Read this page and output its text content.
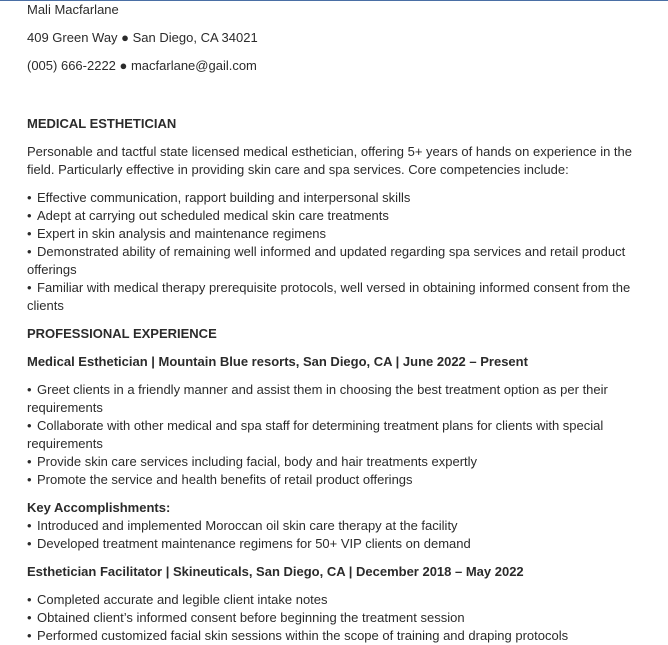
Mali Macfarlane
409 Green Way ● San Diego, CA 34021
(005) 666-2222 ● macfarlane@gail.com
MEDICAL ESTHETICIAN
Personable and tactful state licensed medical esthetician, offering 5+ years of hands on experience in the field. Particularly effective in providing skin care and spa services. Core competencies include:
• Effective communication, rapport building and interpersonal skills
• Adept at carrying out scheduled medical skin care treatments
• Expert in skin analysis and maintenance regimens
• Demonstrated ability of remaining well informed and updated regarding spa services and retail product offerings
• Familiar with medical therapy prerequisite protocols, well versed in obtaining informed consent from the clients
PROFESSIONAL EXPERIENCE
Medical Esthetician | Mountain Blue resorts, San Diego, CA | June 2022 – Present
• Greet clients in a friendly manner and assist them in choosing the best treatment option as per their requirements
• Collaborate with other medical and spa staff for determining treatment plans for clients with special requirements
• Provide skin care services including facial, body and hair treatments expertly
• Promote the service and health benefits of retail product offerings
Key Accomplishments:
• Introduced and implemented Moroccan oil skin care therapy at the facility
• Developed treatment maintenance regimens for 50+ VIP clients on demand
Esthetician Facilitator | Skineuticals, San Diego, CA | December 2018 – May 2022
• Completed accurate and legible client intake notes
• Obtained client’s informed consent before beginning the treatment session
• Performed customized facial skin sessions within the scope of training and draping protocols
